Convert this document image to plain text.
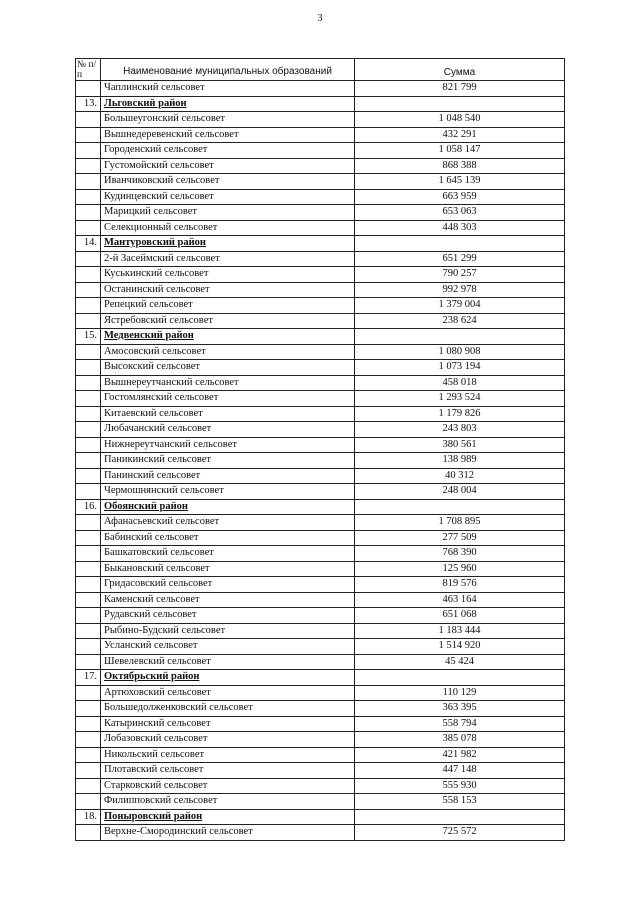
3
№ п/п	Наименование муниципальных образований	Сумма
	Чаплинский сельсовет	821 799
13.	Льговский район	
	Большеугонский сельсовет	1 048 540
	Вышнедеревенский сельсовет	432 291
	Городенский сельсовет	1 058 147
	Густомойский сельсовет	868 388
	Иванчиковский сельсовет	1 645 139
	Кудинцевский сельсовет	663 959
	Марицкий сельсовет	653 063
	Селекционный сельсовет	448 303
14.	Мантуровский район	
	2-й Засеймский сельсовет	651 299
	Куськинский сельсовет	790 257
	Останинский сельсовет	992 978
	Репецкий сельсовет	1 379 004
	Ястребовский сельсовет	238 624
15.	Медвенский район	
	Амосовский сельсовет	1 080 908
	Высокский сельсовет	1 073 194
	Вышнереутчанский сельсовет	458 018
	Гостомлянский сельсовет	1 293 524
	Китаевский сельсовет	1 179 826
	Любачанский сельсовет	243 803
	Нижнереутчанский сельсовет	380 561
	Паникинский сельсовет	138 989
	Панинский сельсовет	40 312
	Чермошнянский сельсовет	248 004
16.	Обоянский район	
	Афанасьевский сельсовет	1 708 895
	Бабинский сельсовет	277 509
	Башкатовский сельсовет	768 390
	Быкановский сельсовет	125 960
	Гридасовский сельсовет	819 576
	Каменский сельсовет	463 164
	Рудавский сельсовет	651 068
	Рыбино-Будский сельсовет	1 183 444
	Усланский сельсовет	1 514 920
	Шевелевский сельсовет	45 424
17.	Октябрьский район	
	Артюховский сельсовет	110 129
	Большедолженковский сельсовет	363 395
	Катыринский сельсовет	558 794
	Лобазовский сельсовет	385 078
	Никольский сельсовет	421 982
	Плотавский сельсовет	447 148
	Старковский сельсовет	555 930
	Филипповский сельсовет	558 153
18.	Поныровский район	
	Верхне-Смородинский сельсовет	725 572
